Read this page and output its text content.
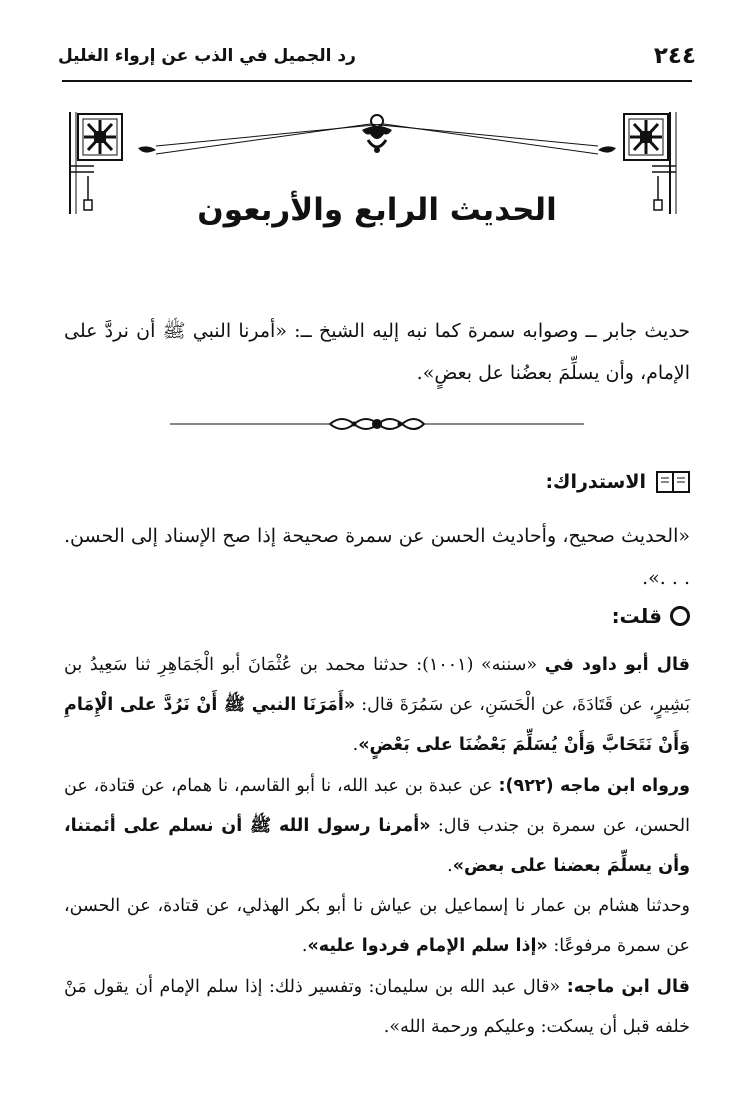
٢٤٤
رد الجميل في الذب عن إرواء الغليل
الحديث الرابع والأربعون

حديث جابر ــ وصوابه سمرة كما نبه إليه الشيخ ــ: «أمرنا النبي ﷺ أن نردَّ على الإمام، وأن يسلِّمَ بعضُنا عل بعضٍ».

الاستدراك:

«الحديث صحيح، وأحاديث الحسن عن سمرة صحيحة إذا صح الإسناد إلى الحسن. . . .».

قلت:

قال أبو داود في «سننه» (١٠٠١): حدثنا محمد بن عُثْمَانَ أبو الْجَمَاهِرِ ثنا سَعِيدُ بن بَشِيرٍ، عن قَتَادَةَ، عن الْحَسَنِ، عن سَمُرَةَ قال: «أَمَرَنَا النبي ﷺ أَنْ نَرُدَّ على الْإِمَامِ وَأَنْ نَتَحَابَّ وَأَنْ يُسَلِّمَ بَعْضُنَا على بَعْضٍ».

ورواه ابن ماجه (٩٢٢): عن عبدة بن عبد الله، نا أبو القاسم، نا همام، عن قتادة، عن الحسن، عن سمرة بن جندب قال: «أمرنا رسول الله ﷺ أن نسلم على أئمتنا، وأن يسلِّمَ بعضنا على بعض».

وحدثنا هشام بن عمار نا إسماعيل بن عياش نا أبو بكر الهذلي، عن قتادة، عن الحسن، عن سمرة مرفوعًا: «إذا سلم الإمام فردوا عليه».

قال ابن ماجه: «قال عبد الله بن سليمان: وتفسير ذلك: إذا سلم الإمام أن يقول مَنْ خلفه قبل أن يسكت: وعليكم ورحمة الله».
